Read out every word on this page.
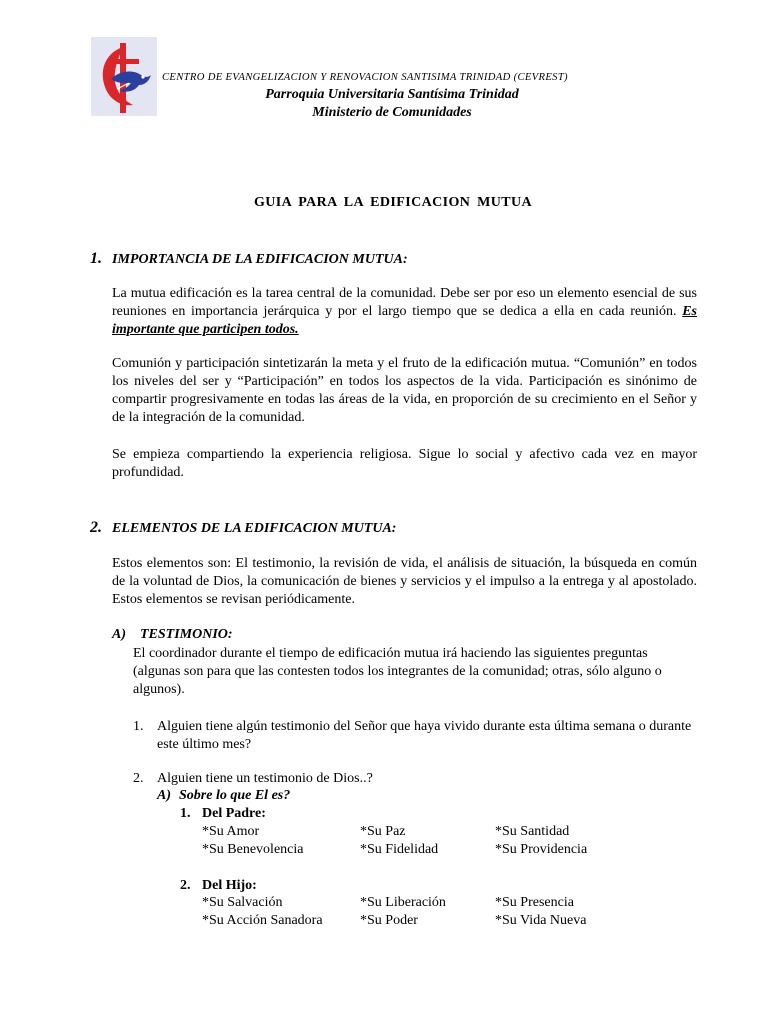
CENTRO DE EVANGELIZACION Y RENOVACION SANTISIMA TRINIDAD (CEVREST)
Parroquia Universitaria Santísima Trinidad
Ministerio de Comunidades
GUIA PARA LA EDIFICACION MUTUA
1. IMPORTANCIA DE LA EDIFICACION MUTUA:

La mutua edificación es la tarea central de la comunidad. Debe ser por eso un elemento esencial de sus reuniones en importancia jerárquica y por el largo tiempo que se dedica a ella en cada reunión. Es importante que participen todos.

Comunión y participación sintetizarán la meta y el fruto de la edificación mutua. “Comunión” en todos los niveles del ser y “Participación” en todos los aspectos de la vida. Participación es sinónimo de compartir progresivamente en todas las áreas de la vida, en proporción de su crecimiento en el Señor y de la integración de la comunidad.

Se empieza compartiendo la experiencia religiosa. Sigue lo social y afectivo cada vez en mayor profundidad.

2. ELEMENTOS DE LA EDIFICACION MUTUA:

Estos elementos son: El testimonio, la revisión de vida, el análisis de situación, la búsqueda en común de la voluntad de Dios, la comunicación de bienes y servicios y el impulso a la entrega y al apostolado. Estos elementos se revisan periódicamente.

A) TESTIMONIO:

El coordinador durante el tiempo de edificación mutua irá haciendo las siguientes preguntas (algunas son para que las contesten todos los integrantes de la comunidad; otras, sólo alguno o algunos).

1. Alguien tiene algún testimonio del Señor que haya vivido durante esta última semana o durante este último mes?

2. Alguien tiene un testimonio de Dios..?

A) Sobre lo que El es?
1. Del Padre:
*Su Amor	*Su Paz	*Su Santidad
*Su Benevolencia	*Su Fidelidad	*Su Providencia
2. Del Hijo:
*Su Salvación	*Su Liberación	*Su Presencia
*Su Acción Sanadora	*Su Poder	*Su Vida Nueva
